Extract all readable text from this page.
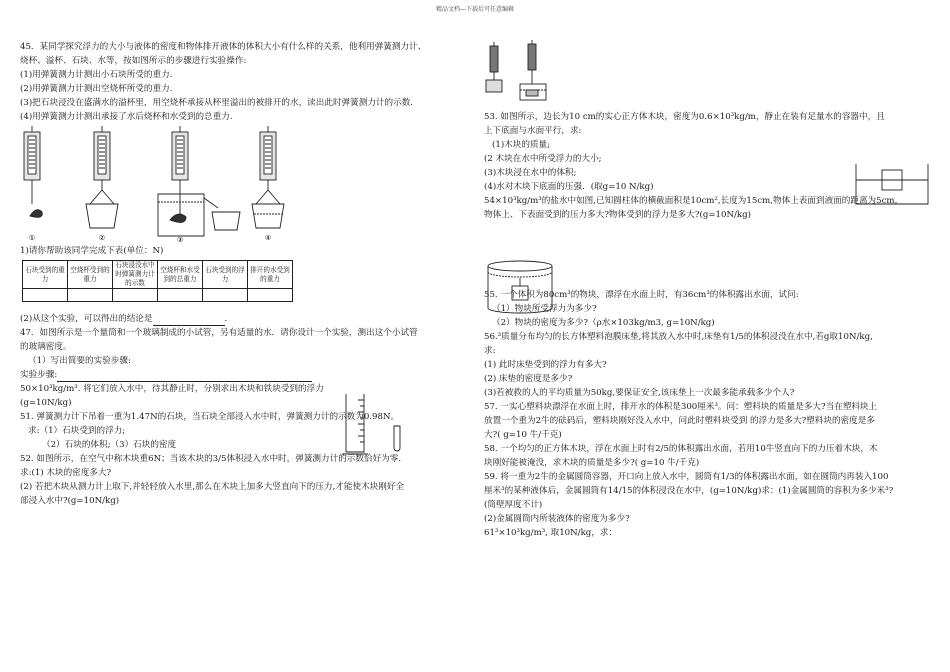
精品文档---下载后可任意编辑
45．某同学探究浮力的大小与液体的密度和物体排开液体的体积大小有什么样的关系，他利用弹簧测力计、
烧杯、溢杯、石块、水等，按如图所示的步骤进行实验操作:
(1)用弹簧测力计测出小石块所受的重力.
(2)用弹簧测力计测出空烧杯所受的重力.
(3)把石块浸没在盛满水的溢杯里，用空烧杯承接从杯里溢出的被排开的水，读出此时弹簧测力计的示数.
(4)用弹簧测力计测出承接了水后烧杯和水受到的总重力.
①	②	③	④
1)请你帮助该同学完成下表(单位：N)
石块受到的重力	空烧杯受到的重力	石块浸没水中时弹簧测力计的示数	空烧杯和水受到的总重力	石块受到的浮力	排开的水受到的重力

(2)从这个实验，可以得出的结论是	.
47．如图所示是一个量筒和一个玻璃制成的小试管，另有适量的水．请你设计一个实验，测出这个小试管
的玻璃密度。
（1）写出简要的实验步骤:
实验步骤:
50×10³kg/m³. 将它们放入水中，待其静止时，分别求出木块和铁块受到的浮力
(g=10N/kg)
51. 弹簧测力计下吊着一重为1.47N的石块，当石块全部浸入水中时，弹簧测力计的示数为0.98N。
求:（1）石块受到的浮力;
（2）石块的体积;（3）石块的密度
52. 如图所示，在空气中称木块重6N；当该木块的3/5体积浸入水中时，弹簧测力计的示数恰好为零.
求:(1) 木块的密度多大?
(2) 若把木块从测力计上取下,并轻轻放入水里,那么在木块上加多大竖直向下的压力,才能使木块刚好全
部浸入水中?(g=10N/kg)
53. 如图所示，边长为10 cm的实心正方体木块，密度为0.6×10³kg/m，静止在装有足量水的容器中，且
上下底面与水面平行，求:
(1)木块的质量;
(2 木块在水中所受浮力的大小;
(3)木块浸在水中的体积;
(4)水对木块下底面的压强．(取g=10 N/kg)
54×10³kg/m³的盐水中如图,已知圆柱体的横截面积是10cm²,长度为15cm,物体上表面到液面的距离为5cm,
物体上、下表面受到的压力多大?物体受到的浮力是多大?(g=10N/kg)
55. 一个体积为80cm³的物块，漂浮在水面上时，有36cm³的体积露出水面，试问:
（1）物块所受浮力为多少?
（2）物块的密度为多少?（ρ水×103kg/m3, g=10N/kg)
56.³质量分布均匀的长方体塑料泡膜床垫,将其放入水中时,床垫有1/5的体积浸没在水中,若g取10N/kg,
求:
(1) 此时床垫受到的浮力有多大?
(2) 床垫的密度是多少?
(3)若被救的人的平均质量为50kg,要保证安全,该床垫上一次最多能承载多少个人?
57. 一实心塑料块漂浮在水面上时，排开水的体积是300厘米³。问：塑料块的质量是多大?当在塑料块上
放置一个重为2牛的砝码后，塑料块刚好没入水中，问此时塑料块受到 的浮力是多大?塑料块的密度是多
大?( g=10 牛/千克)
58. 一个均匀的正方体木块，浮在水面上时有2/5的体积露出水面，若用10牛竖直向下的力压着木块，木
块刚好能被淹没，求木块的质量是多少?( g=10 牛/千克)
59. 将一重为2牛的金属圆筒容器，开口向上放入水中，圆筒有1/3的体积露出水面，如在圆筒内再装入100
厘米³的某种液体后，金属圆筒有14/15的体积浸没在水中，(g=10N/kg)求：(1)金属圆筒的容积为多少米³?
(筒壁厚度不计)
(2)金属圆筒内所装液体的密度为多少?
61³×10³kg/m³, 取10N/kg，求：
